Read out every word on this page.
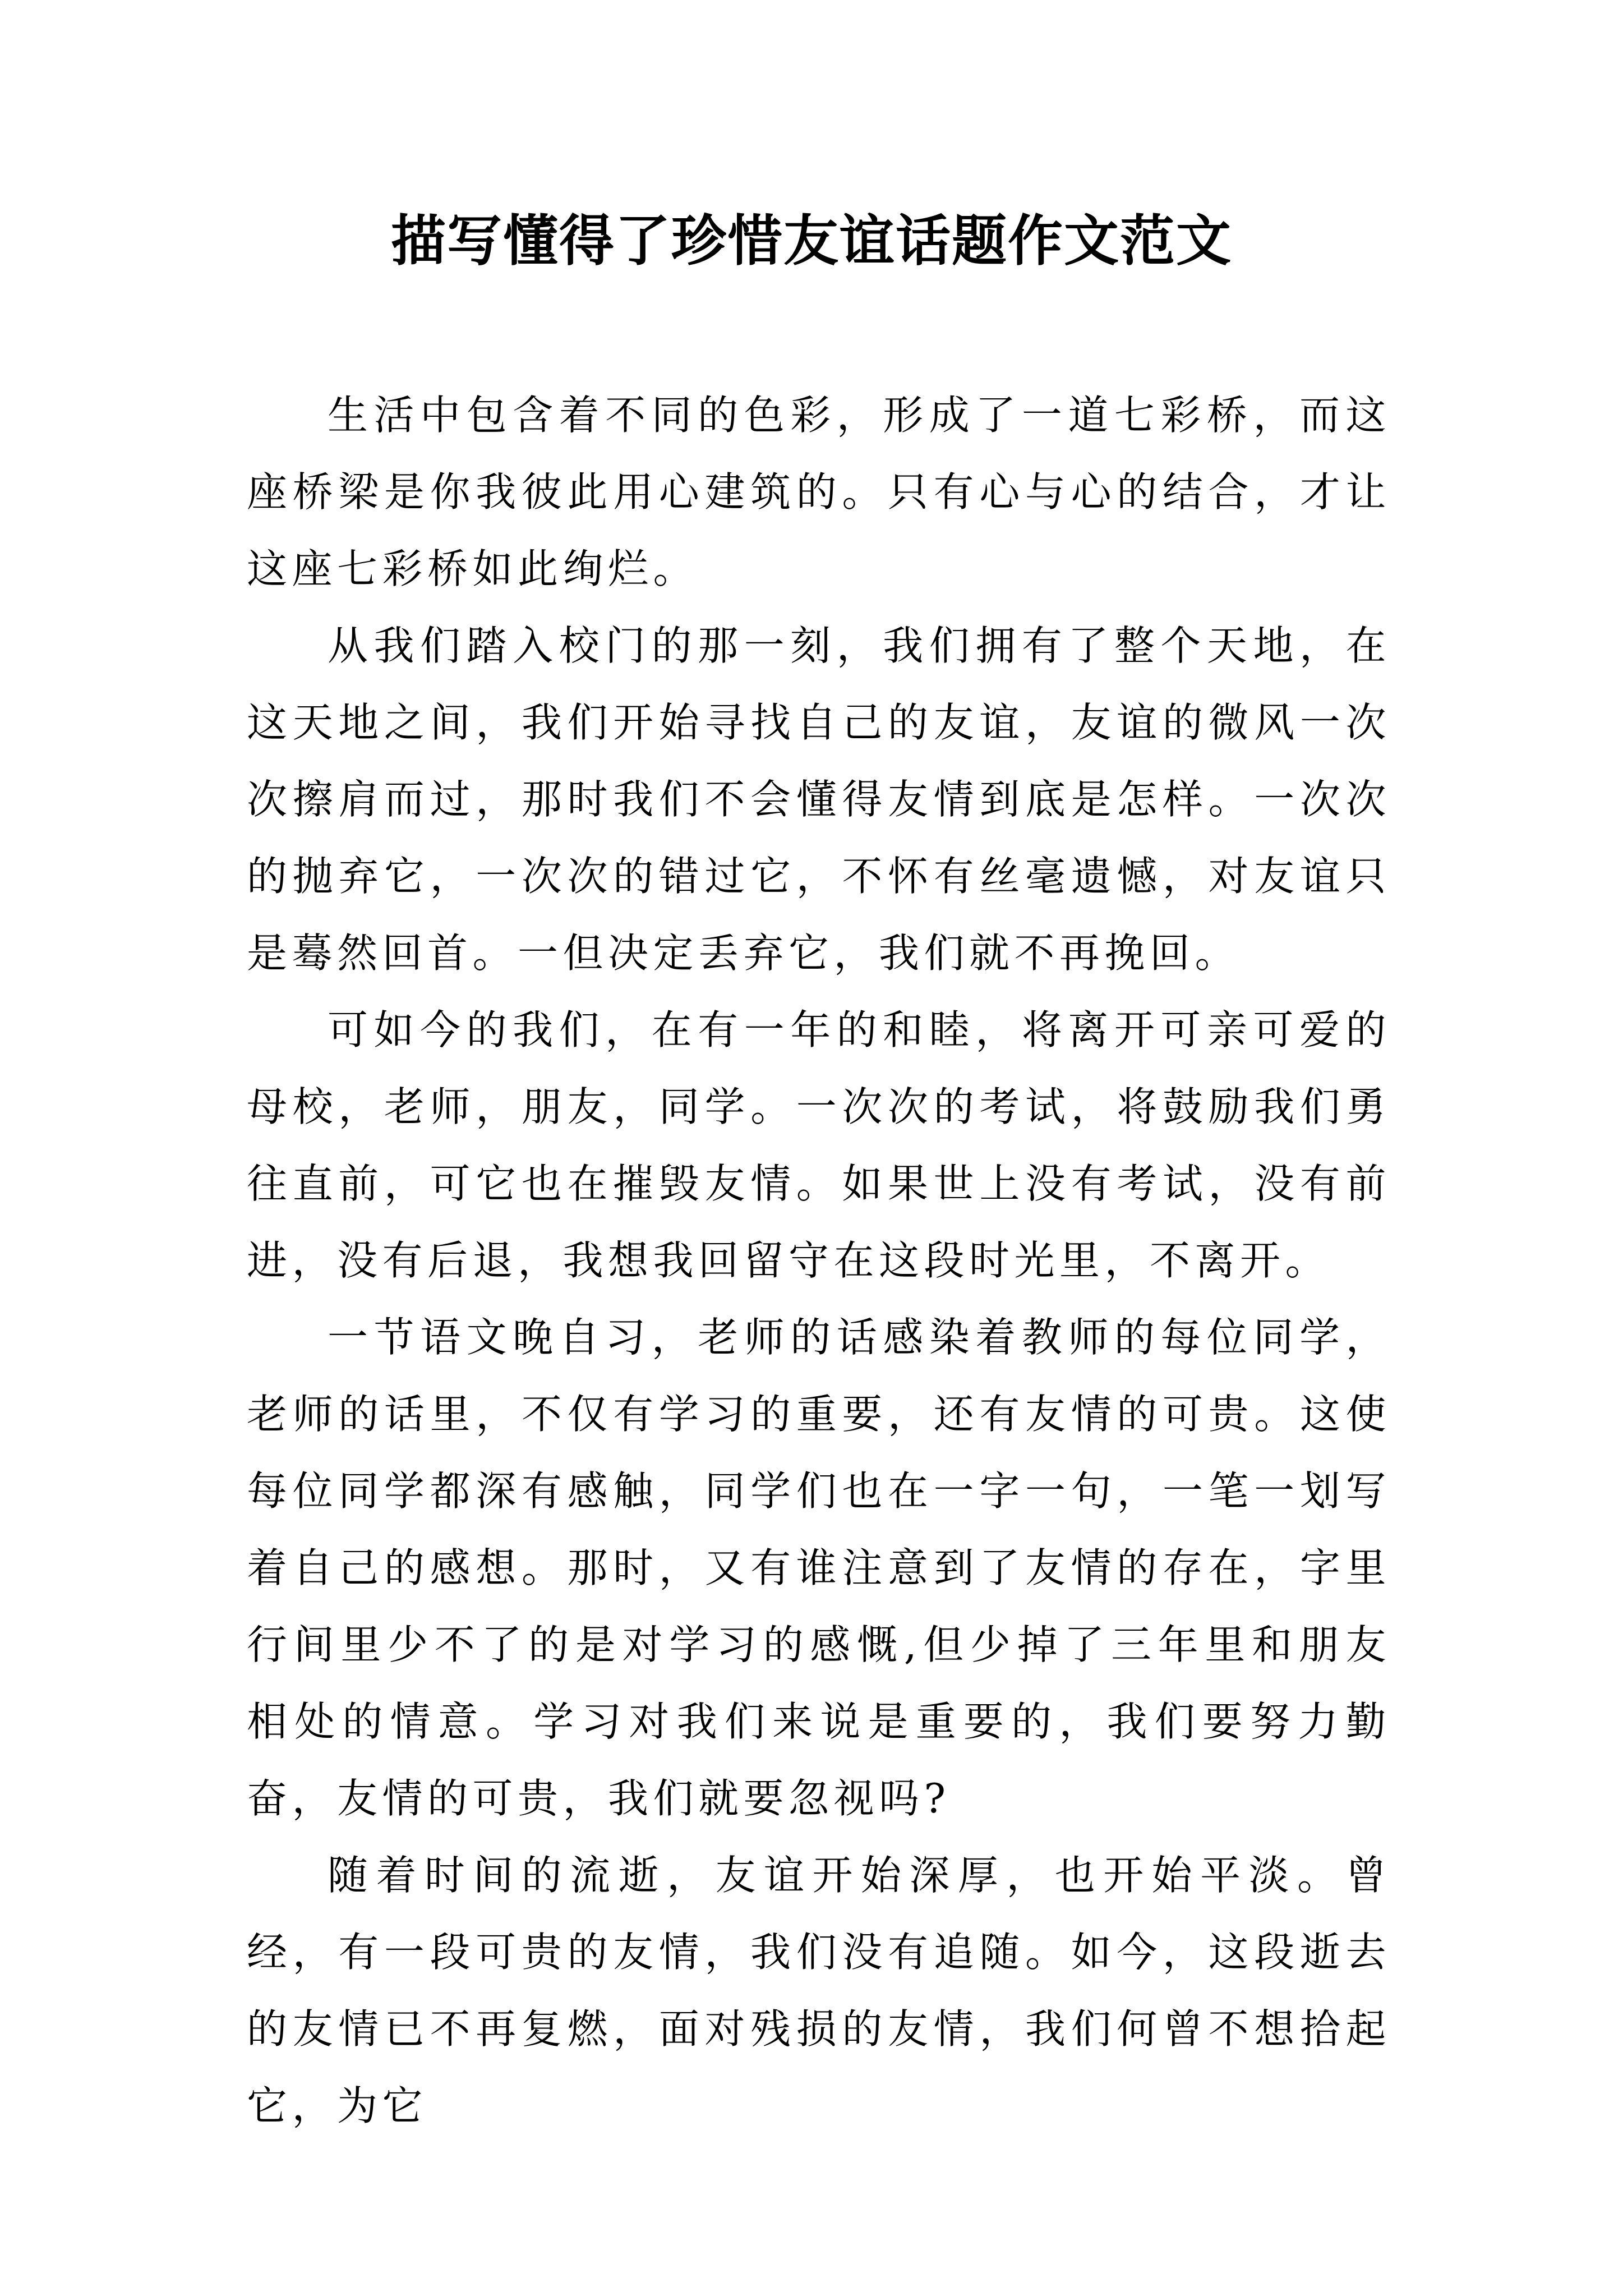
描写懂得了珍惜友谊话题作文范文

生活中包含着不同的色彩，形成了一道七彩桥，而这座桥梁是你我彼此用心建筑的。只有心与心的结合，才让这座七彩桥如此绚烂。

从我们踏入校门的那一刻，我们拥有了整个天地，在这天地之间，我们开始寻找自己的友谊，友谊的微风一次次擦肩而过，那时我们不会懂得友情到底是怎样。一次次的抛弃它，一次次的错过它，不怀有丝毫遗憾，对友谊只是蓦然回首。一但决定丢弃它，我们就不再挽回。

可如今的我们，在有一年的和睦，将离开可亲可爱的母校，老师，朋友，同学。一次次的考试，将鼓励我们勇往直前，可它也在摧毁友情。如果世上没有考试，没有前进，没有后退，我想我回留守在这段时光里，不离开。

一节语文晚自习，老师的话感染着教师的每位同学，老师的话里，不仅有学习的重要，还有友情的可贵。这使每位同学都深有感触，同学们也在一字一句，一笔一划写着自己的感想。那时，又有谁注意到了友情的存在，字里行间里少不了的是对学习的感慨,但少掉了三年里和朋友相处的情意。学习对我们来说是重要的，我们要努力勤奋，友情的可贵，我们就要忽视吗?

随着时间的流逝，友谊开始深厚，也开始平淡。曾经，有一段可贵的友情，我们没有追随。如今，这段逝去的友情已不再复燃，面对残损的友情，我们何曾不想拾起它，为它
